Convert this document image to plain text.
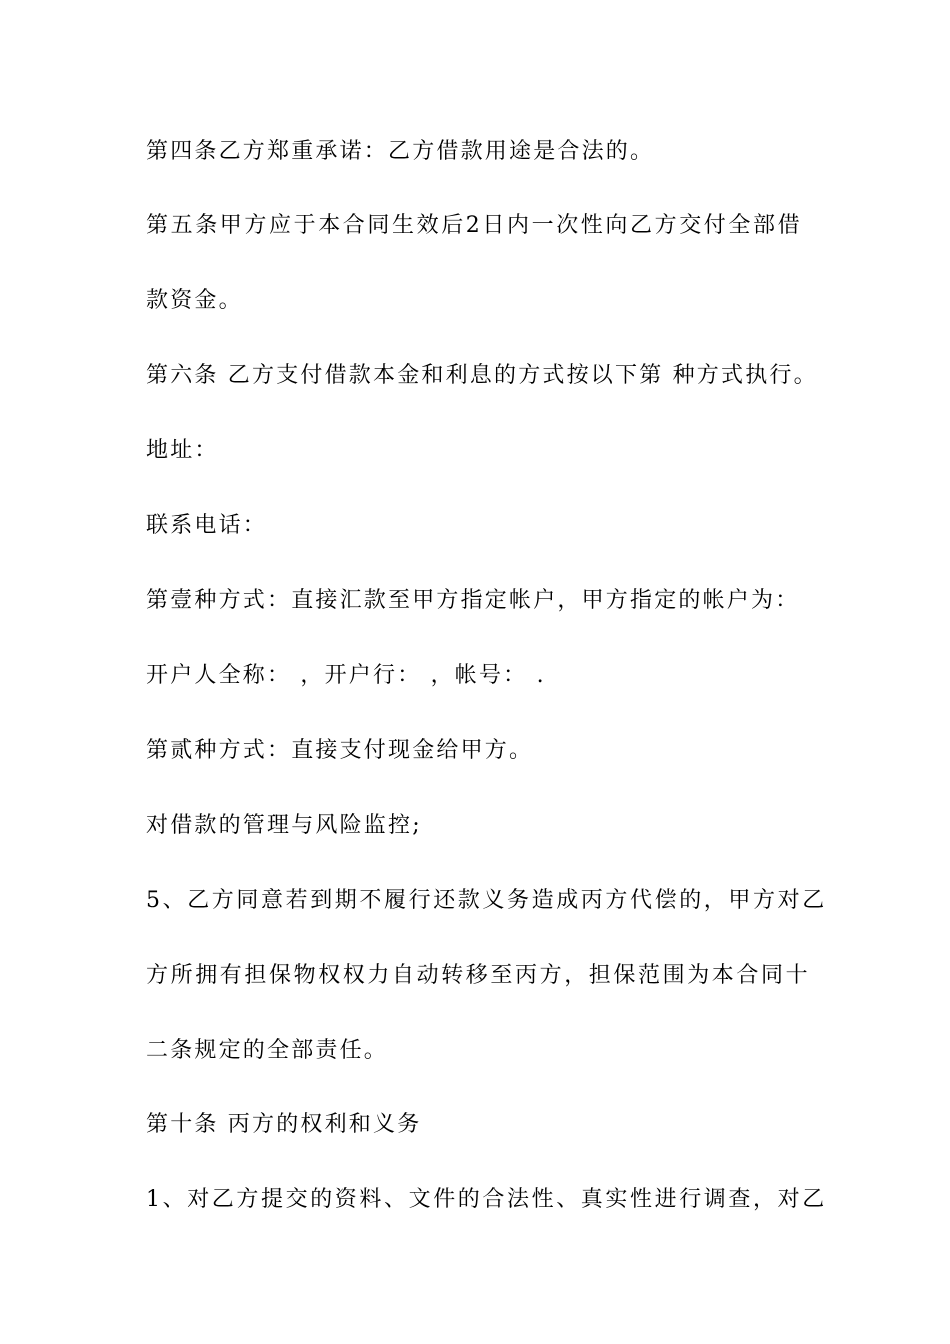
第四条乙方郑重承诺：乙方借款用途是合法的。
第五条甲方应于本合同生效后2日内一次性向乙方交付全部借
款资金。
第六条 乙方支付借款本金和利息的方式按以下第 种方式执行。
地址：
联系电话：
第壹种方式：直接汇款至甲方指定帐户，甲方指定的帐户为：
开户人全称： ，开户行： ，帐号： .
第贰种方式：直接支付现金给甲方。
对借款的管理与风险监控;
5、乙方同意若到期不履行还款义务造成丙方代偿的，甲方对乙
方所拥有担保物权权力自动转移至丙方，担保范围为本合同十
二条规定的全部责任。
第十条 丙方的权利和义务
1、对乙方提交的资料、文件的合法性、真实性进行调查，对乙
